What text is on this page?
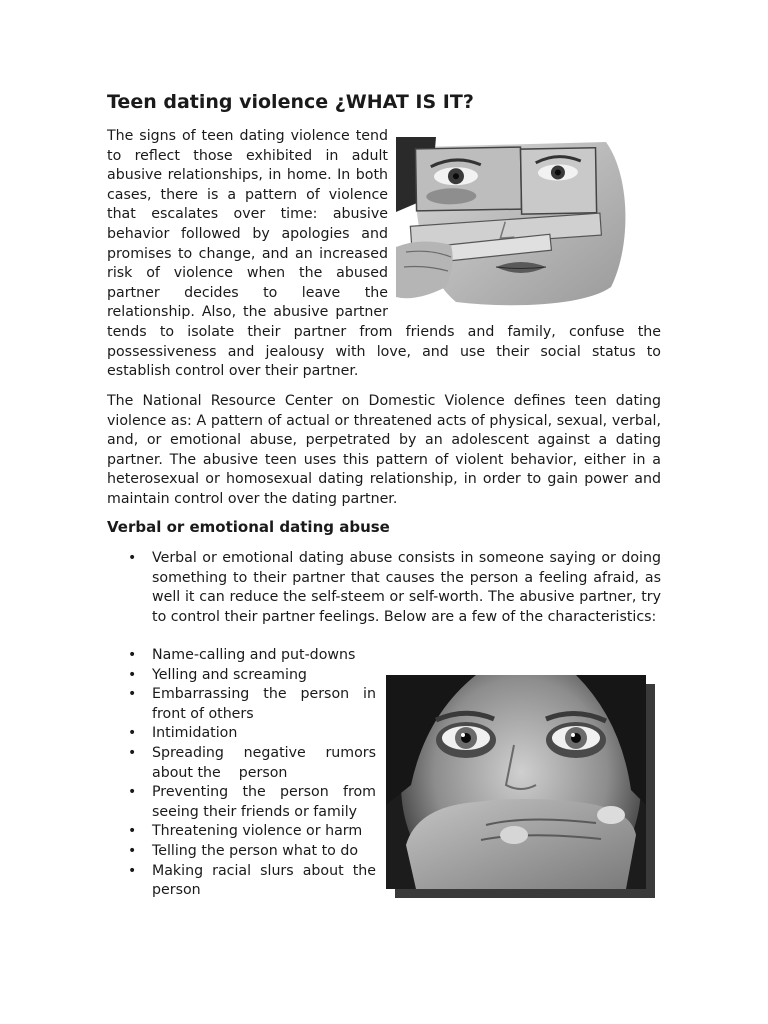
Teen dating violence ¿WHAT IS IT?
The signs of teen dating violence tend to reflect those exhibited in adult abusive relationships, in home. In both cases, there is a pattern of violence that escalates over time: abusive behavior followed by apologies and promises to change, and an increased risk of violence when the abused partner decides to leave the relationship. Also, the abusive partner tends to isolate their partner from friends and family, confuse the possessiveness and jealousy with love, and use their social status to establish control over their partner.

The National Resource Center on Domestic Violence defines teen dating violence as: A pattern of actual or threatened acts of physical, sexual, verbal, and, or emotional abuse, perpetrated by an adolescent against a dating partner. The abusive teen uses this pattern of violent behavior, either in a heterosexual or homosexual dating relationship, in order to gain power and maintain control over the dating partner.

Verbal or emotional dating abuse
• Verbal or emotional dating abuse consists in someone saying or doing something to their partner that causes the person a feeling afraid, as well it can reduce the self-steem or self-worth. The abusive partner, try to control their partner feelings. Below are a few of the characteristics:
• Name-calling and put-downs
• Yelling and screaming
• Embarrassing the person in front of others
• Intimidation
• Spreading negative rumors about the    person
• Preventing the person from seeing their friends or family
• Threatening violence or harm
• Telling the person what to do
• Making racial slurs about the person
